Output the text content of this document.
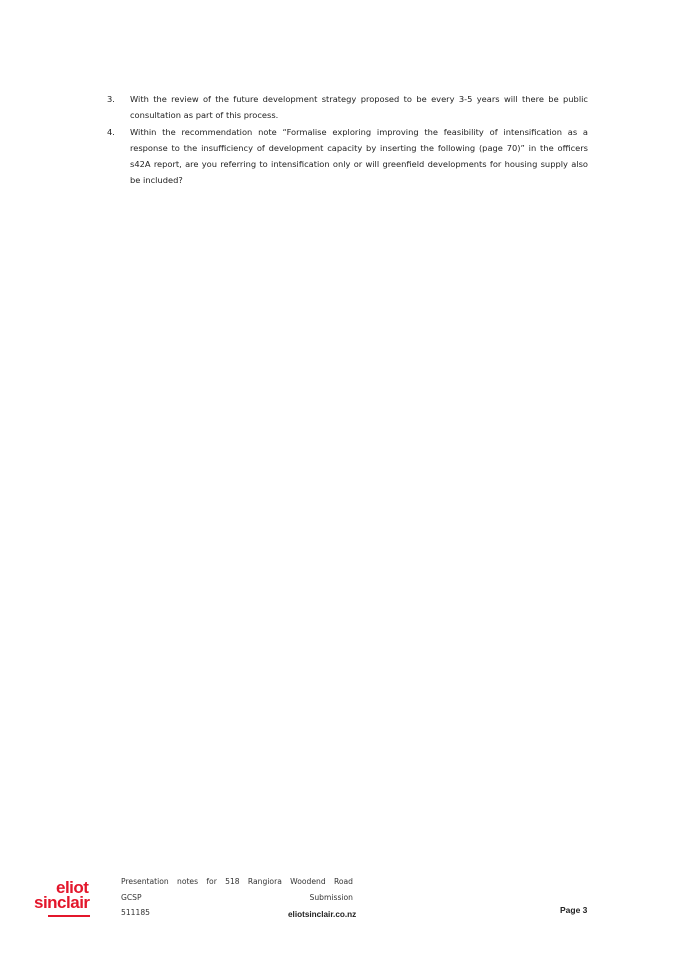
3.	With the review of the future development strategy proposed to be every 3-5 years will there be public consultation as part of this process.
4.	Within the recommendation note “Formalise exploring improving the feasibility of intensification as a response to the insufficiency of development capacity by inserting the following (page 70)” in the officers s42A report, are you referring to intensification only or will greenfield developments for housing supply also be included?
eliot
sinclair
Presentation notes for 518 Rangiora Woodend Road
GCSP	Submission
511185	eliotsinclair.co.nz	Page 3
